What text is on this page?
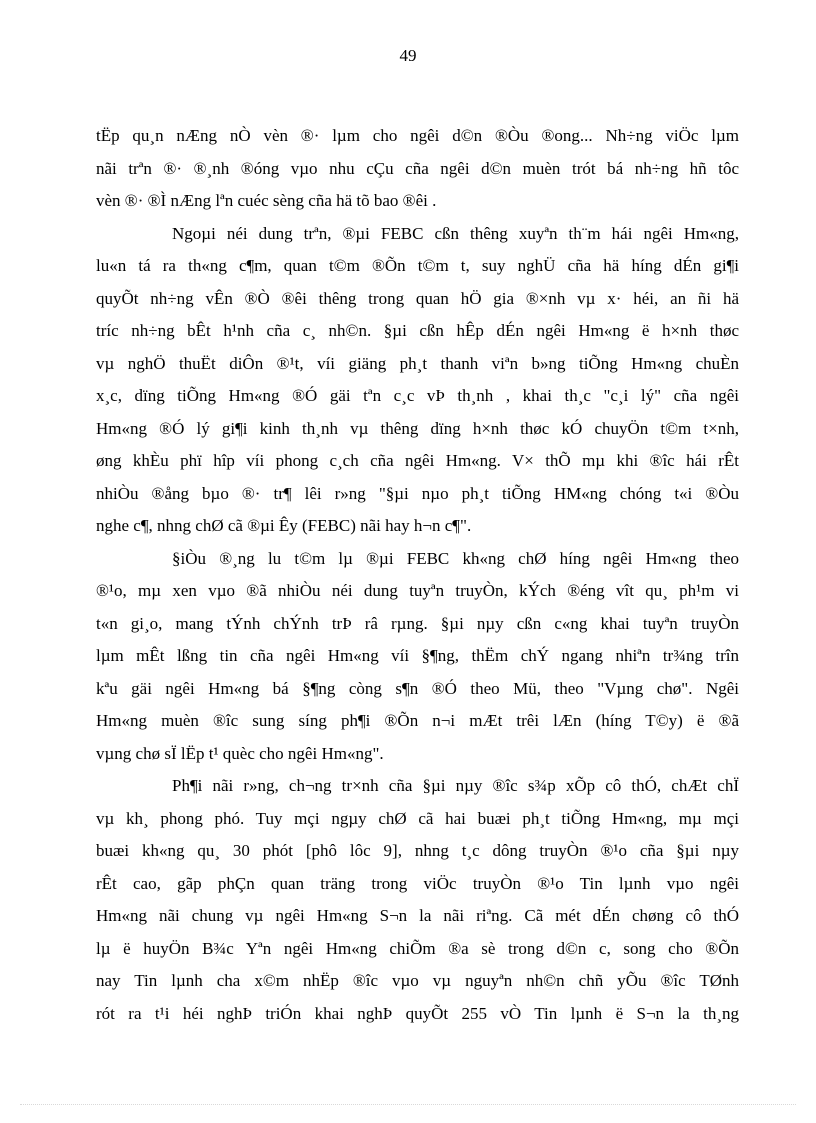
49
tËp qu¸n nÆng nÒ vèn ®· lµm cho ngêi d©n ®Òu ®ong... Nh÷ng viÖc lµm
nãi trªn ®· ®¸nh ®óng vµo nhu cÇu cña ngêi d©n muèn trót bá nh÷ng hñ tôc
vèn ®· ®Ì nÆng lªn cuéc sèng cña hä tõ bao ®êi .
Ngoµi néi dung trªn, ®µi FEBC cßn thêng xuyªn th¨m hái ngêi Hm«ng,
lu«n tá ra th«ng c¶m, quan t©m ®Õn t©m t, suy nghÜ cña hä híng dÉn gi¶i
quyÕt nh÷ng vÊn ®Ò ®êi thêng trong quan hÖ gia ®×nh vµ x· héi, an ñi hä
tríc nh÷ng bÊt h¹nh cña c¸ nh©n. §µi cßn hÊp dÉn ngêi Hm«ng ë h×nh thøc
vµ nghÖ thuËt diÔn ®¹t, víi giäng ph¸t thanh viªn b»ng tiÕng Hm«ng chuÈn
x¸c, dïng tiÕng Hm«ng ®Ó gäi tªn c¸c vÞ th¸nh , khai th¸c "c¸i lý" cña ngêi
Hm«ng ®Ó lý gi¶i kinh th¸nh vµ thêng dïng h×nh thøc kÓ chuyÖn t©m t×nh,
øng khÈu phï hîp víi phong c¸ch cña ngêi Hm«ng. V× thÕ mµ khi ®îc hái rÊt
nhiÒu ®ång bµo ®· tr¶ lêi r»ng "§µi nµo ph¸t tiÕng HM«ng chóng t«i ®Òu
nghe c¶, nhng chØ cã ®µi Êy (FEBC) nãi hay h¬n c¶".
§iÒu ®¸ng lu t©m lµ ®µi FEBC kh«ng chØ híng ngêi Hm«ng theo
®¹o, mµ xen vµo ®ã nhiÒu néi dung tuyªn truyÒn, kÝch ®éng vît qu¸ ph¹m vi
t«n gi¸o, mang tÝnh chÝnh trÞ râ rµng. §µi nµy cßn c«ng khai tuyªn truyÒn
lµm mÊt lßng tin cña ngêi Hm«ng víi §¶ng, thËm chÝ ngang nhiªn tr¾ng trîn
kªu gäi ngêi Hm«ng bá §¶ng còng s¶n ®Ó theo Mü, theo "Vµng chø". Ngêi
Hm«ng muèn ®îc sung síng ph¶i ®Õn n¬i mÆt trêi lÆn (híng T©y) ë ®ã
vµng chø sÏ lËp t¹ quèc cho ngêi Hm«ng".
Ph¶i nãi r»ng, ch¬ng tr×nh cña §µi nµy ®îc s¾p xÕp cô thÓ, chÆt chÏ
vµ kh¸ phong phó. Tuy mçi ngµy chØ cã hai buæi ph¸t tiÕng Hm«ng, mµ mçi
buæi kh«ng qu¸ 30 phót [phô lôc 9], nhng t¸c dông truyÒn ®¹o cña §µi nµy
rÊt cao, gãp phÇn quan träng trong viÖc truyÒn ®¹o Tin lµnh vµo ngêi
Hm«ng nãi chung vµ ngêi Hm«ng S¬n la nãi riªng. Cã mét dÉn chøng cô thÓ
lµ ë huyÖn B¾c Yªn ngêi Hm«ng chiÕm ®a sè trong d©n c, song cho ®Õn
nay Tin lµnh cha x©m nhËp ®îc vµo vµ nguyªn nh©n chñ yÕu ®îc TØnh
rót ra t¹i héi nghÞ triÓn khai nghÞ quyÕt 255 vÒ Tin lµnh ë S¬n la th¸ng
